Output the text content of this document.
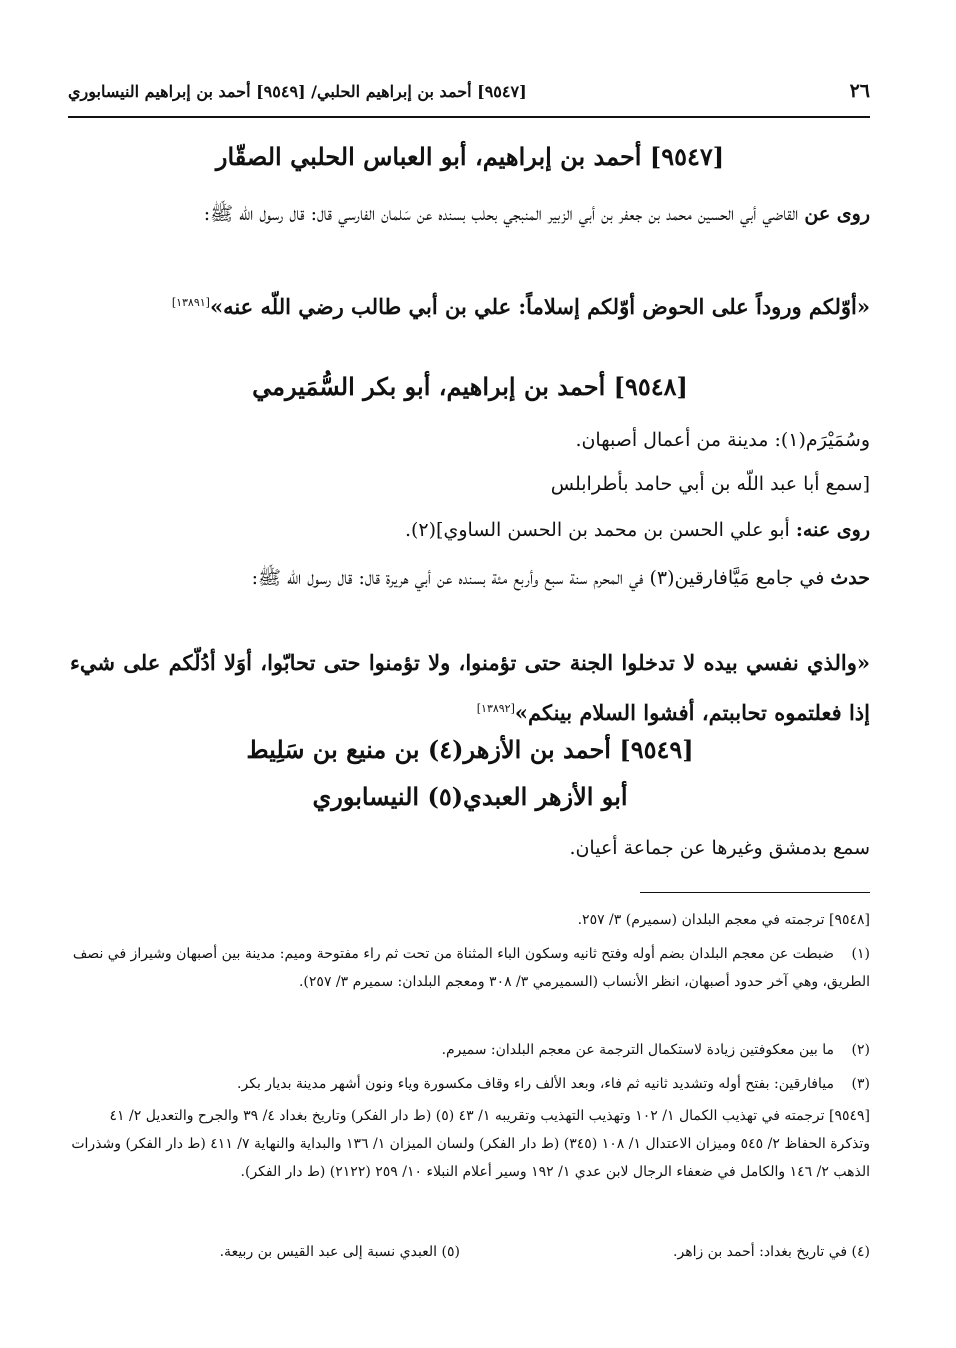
٢٦
[٩٥٤٧] أحمد بن إبراهيم الحلبي/ [٩٥٤٩] أحمد بن إبراهيم النيسابوري
[٩٥٤٧] أحمد بن إبراهيم، أبو العباس الحلبي الصقّار
روى عن القاضي أبي الحسين محمد بن جعفر بن أبي الزبير المنبجي بحلب بسنده عن سَلمان الفارسي قال: قال رسول الله ﷺ:
«أوّلكم وروداً على الحوض أوّلكم إسلاماً: علي بن أبي طالب رضي اللّه عنه»[١٣٨٩١]
[٩٥٤٨] أحمد بن إبراهيم، أبو بكر السُّمَيرمي
وسُمَيْرَم(١): مدينة من أعمال أصبهان.
[سمع أبا عبد اللّه بن أبي حامد بأطرابلس
روى عنه: أبو علي الحسن بن محمد بن الحسن الساوي](٢).
حدث في جامع مَيَّافارقين(٣) في المحرم سنة سبع وأربع مئة بسنده عن أبي هريرة قال: قال رسول الله ﷺ:
«والذي نفسي بيده لا تدخلوا الجنة حتى تؤمنوا، ولا تؤمنوا حتى تحابّوا، أوَلا أدُلّكم على شيء إذا فعلتموه تحاببتم، أفشوا السلام بينكم»[١٣٨٩٢]
[٩٥٤٩] أحمد بن الأزهر(٤) بن منيع بن سَلِيط
أبو الأزهر العبدي(٥) النيسابوري
سمع بدمشق وغيرها عن جماعة أعيان.
[٩٥٤٨] ترجمته في معجم البلدان (سميرم) ٣/ ٢٥٧.
(١)ضبطت عن معجم البلدان بضم أوله وفتح ثانيه وسكون الباء المثناة من تحت ثم راء مفتوحة وميم: مدينة بين أصبهان وشيراز في نصف الطريق، وهي آخر حدود أصبهان، انظر الأنساب (السميرمي ٣/ ٣٠٨ ومعجم البلدان: سميرم ٣/ ٢٥٧).
(٢)ما بين معكوفتين زيادة لاستكمال الترجمة عن معجم البلدان: سميرم.
(٣)ميافارقين: بفتح أوله وتشديد ثانيه ثم فاء، وبعد الألف راء وقاف مكسورة وياء ونون أشهر مدينة بديار بكر.
[٩٥٤٩] ترجمته في تهذيب الكمال ١/ ١٠٢ وتهذيب التهذيب وتقريبه ١/ ٤٣ (٥) (ط دار الفكر) وتاريخ بغداد ٤/ ٣٩ والجرح والتعديل ٢/ ٤١ وتذكرة الحفاظ ٢/ ٥٤٥ وميزان الاعتدال ١/ ١٠٨ (٣٤٥) (ط دار الفكر) ولسان الميزان ١/ ١٣٦ والبداية والنهاية ٧/ ٤١١ (ط دار الفكر) وشذرات الذهب ٢/ ١٤٦ والكامل في ضعفاء الرجال لابن عدي ١/ ١٩٢ وسير أعلام النبلاء ١٠/ ٢٥٩ (٢١٢٢) (ط دار الفكر).
(٤) في تاريخ بغداد: أحمد بن زاهر.
(٥) العبدي نسبة إلى عبد القيس بن ربيعة.
